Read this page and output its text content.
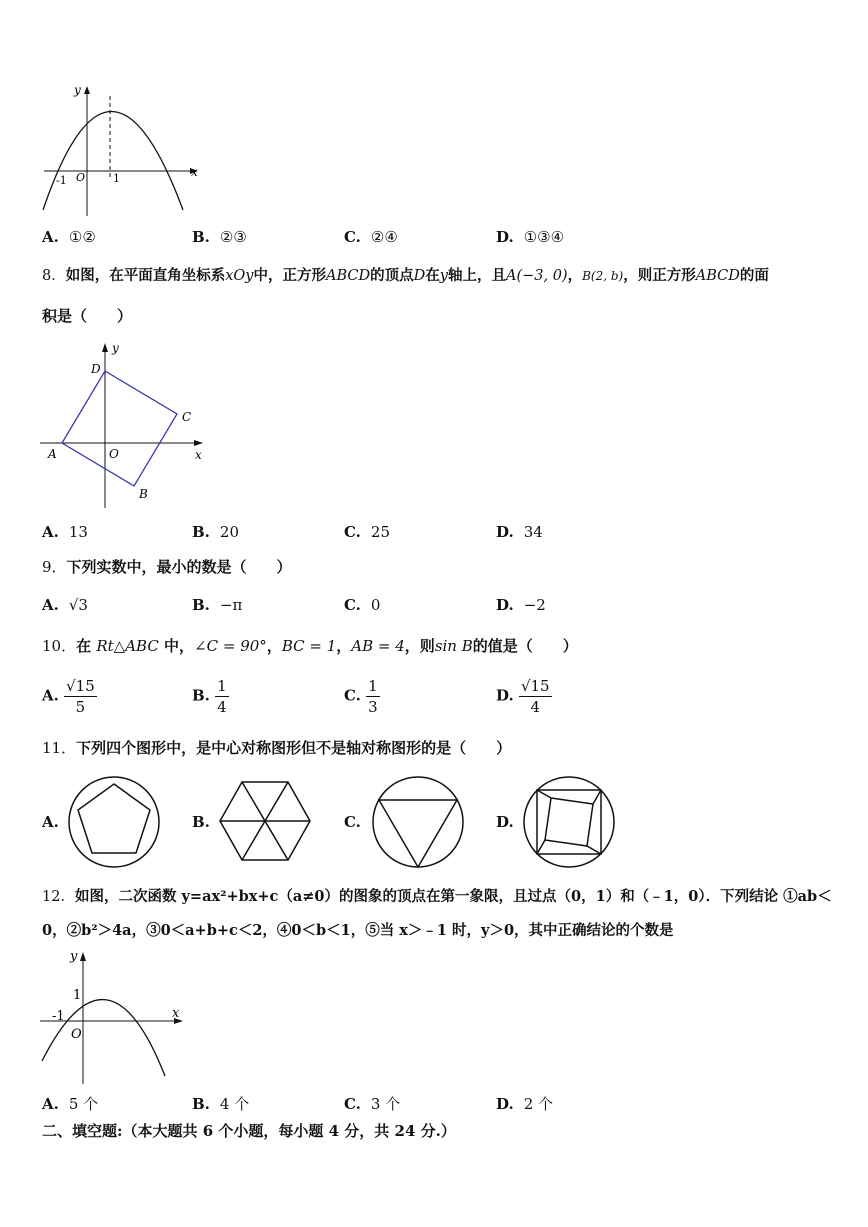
y
x
O
-1	1
A. ①②	B. ②③	C. ②④	D. ①③④
8．如图，在平面直角坐标系xOy中，正方形ABCD的顶点D在y轴上，且A(−3, 0)，B(2, b)，则正方形ABCD的面
积是（　　）
D
C
A
B
O	x
y
A. 13	B. 20	C. 25	D. 34
9．下列实数中，最小的数是（　　）
A. √3	B. −π	C. 0	D. −2
10．在 Rt△ABC 中，∠C = 90°，BC = 1，AB = 4，则sin B的值是（　　）
A. $\frac{√15}{5}$	B. $\frac{1}{4}$	C. $\frac{1}{3}$	D. $\frac{√15}{4}$
11．下列四个图形中，是中心对称图形但不是轴对称图形的是（　　）
A.	B.	C.	D.
12．如图，二次函数 y=ax²+bx+c（a≠0）的图象的顶点在第一象限，且过点（0，1）和（﹣1，0）．下列结论 ①ab＜
0，②b²＞4a，③0＜a+b+c＜2，④0＜b＜1，⑤当 x＞﹣1 时，y＞0，其中正确结论的个数是
y
x
1
-1
O
A. 5 个	B. 4 个	C. 3 个	D. 2 个
二、填空题:（本大题共 6 个小题，每小题 4 分，共 24 分.）
